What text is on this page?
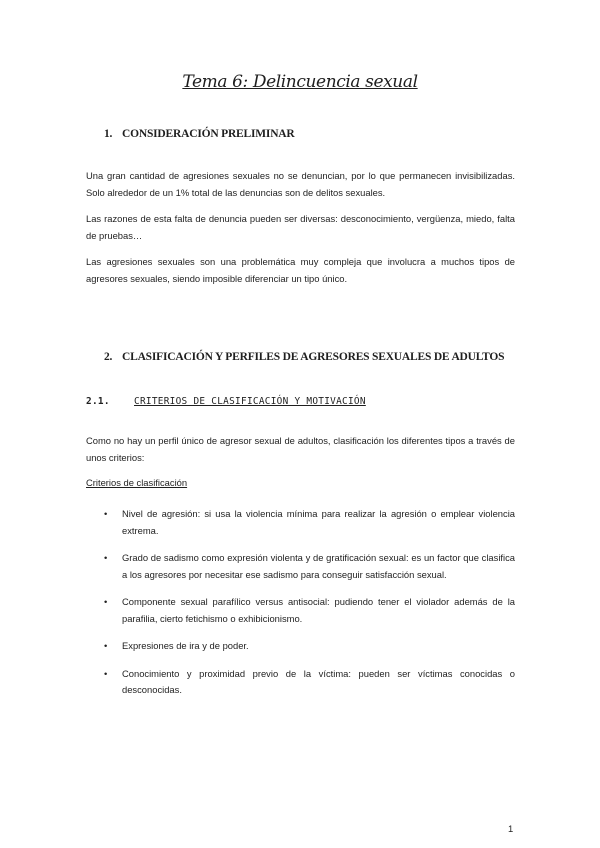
Tema 6: Delincuencia sexual
1. CONSIDERACIÓN PRELIMINAR

Una gran cantidad de agresiones sexuales no se denuncian, por lo que permanecen invisibilizadas. Solo alrededor de un 1% total de las denuncias son de delitos sexuales.

Las razones de esta falta de denuncia pueden ser diversas: desconocimiento, vergüenza, miedo, falta de pruebas…

Las agresiones sexuales son una problemática muy compleja que involucra a muchos tipos de agresores sexuales, siendo imposible diferenciar un tipo único.

2. CLASIFICACIÓN Y PERFILES DE AGRESORES SEXUALES DE ADULTOS
2.1.	CRITERIOS DE CLASIFICACIÓN Y MOTIVACIÓN

Como no hay un perfil único de agresor sexual de adultos, clasificación los diferentes tipos a través de unos criterios:

Criterios de clasificación
• Nivel de agresión: si usa la violencia mínima para realizar la agresión o emplear violencia extrema.
• Grado de sadismo como expresión violenta y de gratificación sexual: es un factor que clasifica a los agresores por necesitar ese sadismo para conseguir satisfacción sexual.
• Componente sexual parafílico versus antisocial: pudiendo tener el violador además de la parafilia, cierto fetichismo o exhibicionismo.
• Expresiones de ira y de poder.
• Conocimiento y proximidad previo de la víctima: pueden ser víctimas conocidas o desconocidas.
1
